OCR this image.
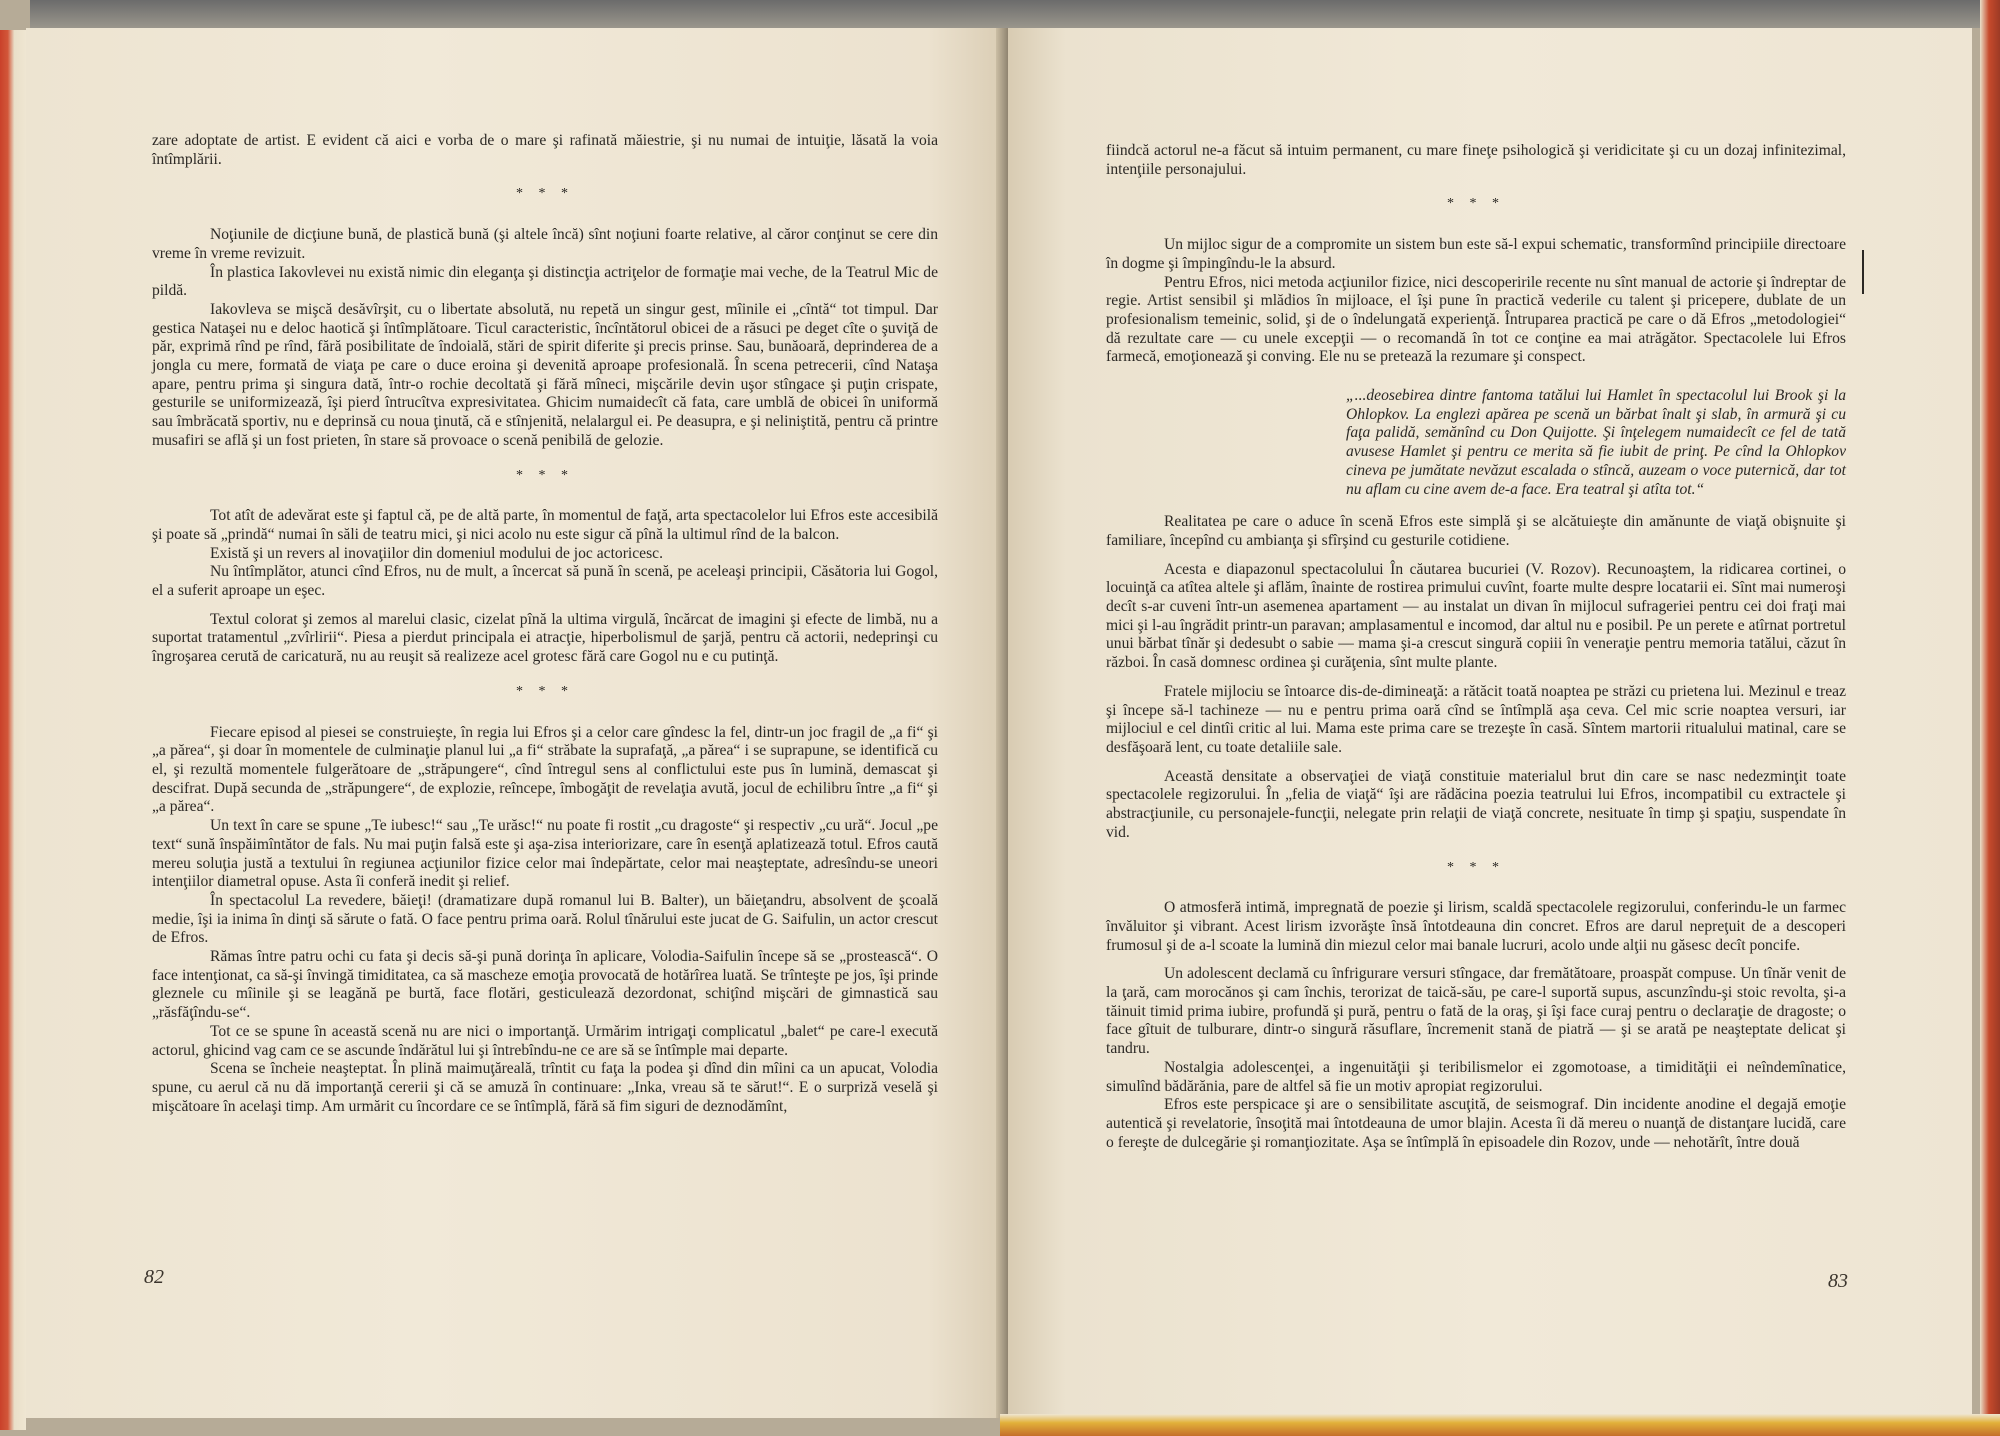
zare adoptate de artist. E evident că aici e vorba de o mare şi rafinată măiestrie, şi nu numai de intuiţie, lăsată la voia întîmplării.

* * *

Noţiunile de dicţiune bună, de plastică bună (şi altele încă) sînt noţiuni foarte relative, al căror conţinut se cere din vreme în vreme revizuit.

În plastica Iakovlevei nu există nimic din eleganţa şi distincţia actriţelor de formaţie mai veche, de la Teatrul Mic de pildă.

Iakovleva se mişcă desăvîrşit, cu o libertate absolută, nu repetă un singur gest, mîinile ei „cîntă“ tot timpul. Dar gestica Nataşei nu e deloc haotică şi întîmplătoare. Ticul caracteristic, încîntătorul obicei de a răsuci pe deget cîte o şuviţă de păr, exprimă rînd pe rînd, fără posibilitate de îndoială, stări de spirit diferite şi precis prinse. Sau, bunăoară, deprinderea de a jongla cu mere, formată de viaţa pe care o duce eroina şi devenită aproape profesională. În scena petrecerii, cînd Nataşa apare, pentru prima şi singura dată, într-o rochie decoltată şi fără mîneci, mişcările devin uşor stîngace şi puţin crispate, gesturile se uniformizează, îşi pierd întrucîtva expresivitatea. Ghicim numaidecît că fata, care umblă de obicei în uniformă sau îmbrăcată sportiv, nu e deprinsă cu noua ţinută, că e stînjenită, nelalargul ei. Pe deasupra, e şi neliniştită, pentru că printre musafiri se află şi un fost prieten, în stare să provoace o scenă penibilă de gelozie.

* * *

Tot atît de adevărat este şi faptul că, pe de altă parte, în momentul de faţă, arta spectacolelor lui Efros este accesibilă şi poate să „prindă“ numai în săli de teatru mici, şi nici acolo nu este sigur că pînă la ultimul rînd de la balcon.

Există şi un revers al inovaţiilor din domeniul modului de joc actoricesc.

Nu întîmplător, atunci cînd Efros, nu de mult, a încercat să pună în scenă, pe aceleaşi principii, Căsătoria lui Gogol, el a suferit aproape un eşec.

Textul colorat şi zemos al marelui clasic, cizelat pînă la ultima virgulă, încărcat de imagini şi efecte de limbă, nu a suportat tratamentul „zvîrlirii“. Piesa a pierdut principala ei atracţie, hiperbolismul de şarjă, pentru că actorii, nedeprinşi cu îngroşarea cerută de caricatură, nu au reuşit să realizeze acel grotesc fără care Gogol nu e cu putinţă.

* * *

Fiecare episod al piesei se construieşte, în regia lui Efros şi a celor care gîndesc la fel, dintr-un joc fragil de „a fi“ şi „a părea“, şi doar în momentele de culminaţie planul lui „a fi“ străbate la suprafaţă, „a părea“ i se suprapune, se identifică cu el, şi rezultă momentele fulgerătoare de „străpungere“, cînd întregul sens al conflictului este pus în lumină, demascat şi descifrat. După secunda de „străpungere“, de explozie, reîncepe, îmbogăţit de revelaţia avută, jocul de echilibru între „a fi“ şi „a părea“.

Un text în care se spune „Te iubesc!“ sau „Te urăsc!“ nu poate fi rostit „cu dragoste“ şi respectiv „cu ură“. Jocul „pe text“ sună înspăimîntător de fals. Nu mai puţin falsă este şi aşa-zisa interiorizare, care în esenţă aplatizează totul. Efros caută mereu soluţia justă a textului în regiunea acţiunilor fizice celor mai îndepărtate, celor mai neaşteptate, adresîndu-se uneori intenţiilor diametral opuse. Asta îi conferă inedit şi relief.

În spectacolul La revedere, băieţi! (dramatizare după romanul lui B. Balter), un băieţandru, absolvent de şcoală medie, îşi ia inima în dinţi să sărute o fată. O face pentru prima oară. Rolul tînărului este jucat de G. Saifulin, un actor crescut de Efros.

Rămas între patru ochi cu fata şi decis să-şi pună dorinţa în aplicare, Volodia-Saifulin începe să se „prostească“. O face intenţionat, ca să-şi învingă timiditatea, ca să mascheze emoţia provocată de hotărîrea luată. Se trînteşte pe jos, îşi prinde gleznele cu mîinile şi se leagănă pe burtă, face flotări, gesticulează dezordonat, schiţînd mişcări de gimnastică sau „răsfăţîndu-se“.

Tot ce se spune în această scenă nu are nici o importanţă. Urmărim intrigaţi complicatul „balet“ pe care-l execută actorul, ghicind vag cam ce se ascunde îndărătul lui şi întrebîndu-ne ce are să se întîmple mai departe.

Scena se încheie neaşteptat. În plină maimuţăreală, trîntit cu faţa la podea şi dînd din mîini ca un apucat, Volodia spune, cu aerul că nu dă importanţă cererii şi că se amuză în continuare: „Inka, vreau să te sărut!“. E o surpriză veselă şi mişcătoare în acelaşi timp. Am urmărit cu încordare ce se întîmplă, fără să fim siguri de deznodămînt,

82

fiindcă actorul ne-a făcut să intuim permanent, cu mare fineţe psihologică şi veridicitate şi cu un dozaj infinitezimal, intenţiile personajului.

* * *

Un mijloc sigur de a compromite un sistem bun este să-l expui schematic, transformînd principiile directoare în dogme şi împingîndu-le la absurd.

Pentru Efros, nici metoda acţiunilor fizice, nici descoperirile recente nu sînt manual de actorie şi îndreptar de regie. Artist sensibil şi mlădios în mijloace, el îşi pune în practică vederile cu talent şi pricepere, dublate de un profesionalism temeinic, solid, şi de o îndelungată experienţă. Întruparea practică pe care o dă Efros „metodologiei“ dă rezultate care — cu unele excepţii — o recomandă în tot ce conţine ea mai atrăgător. Spectacolele lui Efros farmecă, emoţionează şi conving. Ele nu se pretează la rezumare şi conspect.

„...deosebirea dintre fantoma tatălui lui Hamlet în spectacolul lui Brook şi la Ohlopkov. La englezi apărea pe scenă un bărbat înalt şi slab, în armură şi cu faţa palidă, semănînd cu Don Quijotte. Şi înţelegem numaidecît ce fel de tată avusese Hamlet şi pentru ce merita să fie iubit de prinţ. Pe cînd la Ohlopkov cineva pe jumătate nevăzut escalada o stîncă, auzeam o voce puternică, dar tot nu aflam cu cine avem de-a face. Era teatral şi atîta tot.“

Realitatea pe care o aduce în scenă Efros este simplă şi se alcătuieşte din amănunte de viaţă obişnuite şi familiare, începînd cu ambianţa şi sfîrşind cu gesturile cotidiene.

Acesta e diapazonul spectacolului În căutarea bucuriei (V. Rozov). Recunoaştem, la ridicarea cortinei, o locuinţă ca atîtea altele şi aflăm, înainte de rostirea primului cuvînt, foarte multe despre locatarii ei. Sînt mai numeroşi decît s-ar cuveni într-un asemenea apartament — au instalat un divan în mijlocul sufrageriei pentru cei doi fraţi mai mici şi l-au îngrădit printr-un paravan; amplasamentul e incomod, dar altul nu e posibil. Pe un perete e atîrnat portretul unui bărbat tînăr şi dedesubt o sabie — mama şi-a crescut singură copiii în veneraţie pentru memoria tatălui, căzut în război. În casă domnesc ordinea şi curăţenia, sînt multe plante.

Fratele mijlociu se întoarce dis-de-dimineaţă: a rătăcit toată noaptea pe străzi cu prietena lui. Mezinul e treaz şi începe să-l tachineze — nu e pentru prima oară cînd se întîmplă aşa ceva. Cel mic scrie noaptea versuri, iar mijlociul e cel dintîi critic al lui. Mama este prima care se trezeşte în casă. Sîntem martorii ritualului matinal, care se desfăşoară lent, cu toate detaliile sale.

Această densitate a observaţiei de viaţă constituie materialul brut din care se nasc nedezminţit toate spectacolele regizorului. În „felia de viaţă“ îşi are rădăcina poezia teatrului lui Efros, incompatibil cu extractele şi abstracţiunile, cu personajele-funcţii, nelegate prin relaţii de viaţă concrete, nesituate în timp şi spaţiu, suspendate în vid.

* * *

O atmosferă intimă, impregnată de poezie şi lirism, scaldă spectacolele regizorului, conferindu-le un farmec învăluitor şi vibrant. Acest lirism izvorăşte însă întotdeauna din concret. Efros are darul nepreţuit de a descoperi frumosul şi de a-l scoate la lumină din miezul celor mai banale lucruri, acolo unde alţii nu găsesc decît poncife.

Un adolescent declamă cu înfrigurare versuri stîngace, dar fremătătoare, proaspăt compuse. Un tînăr venit de la ţară, cam morocănos şi cam închis, terorizat de taică-său, pe care-l suportă supus, ascunzîndu-şi stoic revolta, şi-a tăinuit timid prima iubire, profundă şi pură, pentru o fată de la oraş, şi îşi face curaj pentru o declaraţie de dragoste; o face gîtuit de tulburare, dintr-o singură răsuflare, încremenit stană de piatră — şi se arată pe neaşteptate delicat şi tandru.

Nostalgia adolescenţei, a ingenuităţii şi teribilismelor ei zgomotoase, a timidităţii ei neîndemînatice, simulînd bădărănia, pare de altfel să fie un motiv apropiat regizorului.

Efros este perspicace şi are o sensibilitate ascuţită, de seismograf. Din incidente anodine el degajă emoţie autentică şi revelatorie, însoţită mai întotdeauna de umor blajin. Acesta îi dă mereu o nuanţă de distanţare lucidă, care o fereşte de dulcegărie şi romanţiozitate. Aşa se întîmplă în episoadele din Rozov, unde — nehotărît, între două

83
